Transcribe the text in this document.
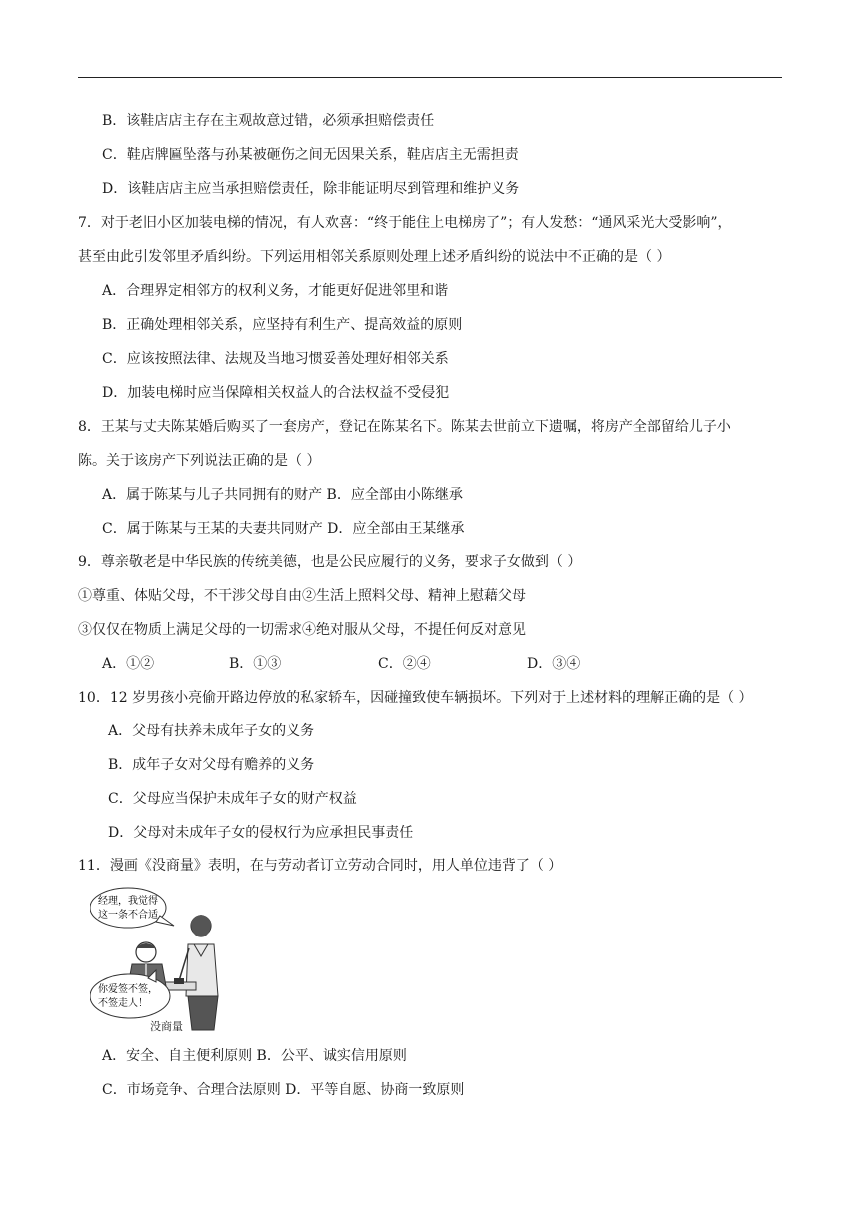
B．该鞋店店主存在主观故意过错，必须承担赔偿责任
C．鞋店牌匾坠落与孙某被砸伤之间无因果关系，鞋店店主无需担责
D．该鞋店店主应当承担赔偿责任，除非能证明尽到管理和维护义务
7．对于老旧小区加装电梯的情况，有人欢喜：“终于能住上电梯房了”；有人发愁：“通风采光大受影响”，
甚至由此引发邻里矛盾纠纷。下列运用相邻关系原则处理上述矛盾纠纷的说法中不正确的是（ ）
A．合理界定相邻方的权利义务，才能更好促进邻里和谐
B．正确处理相邻关系，应坚持有利生产、提高效益的原则
C．应该按照法律、法规及当地习惯妥善处理好相邻关系
D．加装电梯时应当保障相关权益人的合法权益不受侵犯
8．王某与丈夫陈某婚后购买了一套房产，登记在陈某名下。陈某去世前立下遗嘱，将房产全部留给儿子小
陈。关于该房产下列说法正确的是（ ）
A．属于陈某与儿子共同拥有的财产 B．应全部由小陈继承
C．属于陈某与王某的夫妻共同财产 D．应全部由王某继承
9．尊亲敬老是中华民族的传统美德，也是公民应履行的义务，要求子女做到（ ）
①尊重、体贴父母，不干涉父母自由②生活上照料父母、精神上慰藉父母
③仅仅在物质上满足父母的一切需求④绝对服从父母，不提任何反对意见
A．①②	B．①③	C．②④	D．③④
10．12 岁男孩小亮偷开路边停放的私家轿车，因碰撞致使车辆损坏。下列对于上述材料的理解正确的是（ ）
A．父母有扶养未成年子女的义务
B．成年子女对父母有赡养的义务
C．父母应当保护未成年子女的财产权益
D．父母对未成年子女的侵权行为应承担民事责任
11．漫画《没商量》表明，在与劳动者订立劳动合同时，用人单位违背了（ ）
经理，我觉得
这一条不合适
你爱签不签，
不签走人！
没商量
A．安全、自主便利原则 B．公平、诚实信用原则
C．市场竞争、合理合法原则 D．平等自愿、协商一致原则
